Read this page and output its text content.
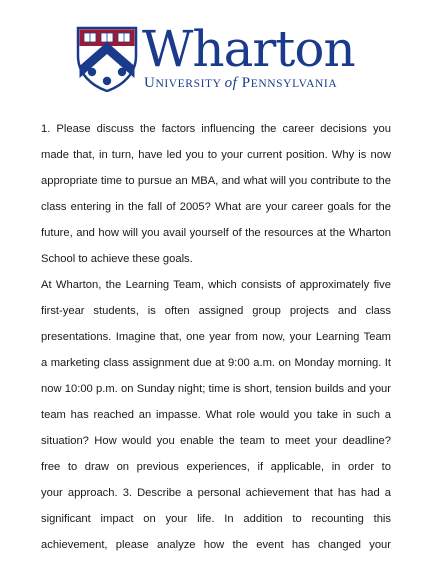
Wharton
UNIVERSITY of PENNSYLVANIA
1. Please discuss the factors influencing the career decisions you
made that, in turn, have led you to your current position. Why is now
appropriate time to pursue an MBA, and what will you contribute to the
class entering in the fall of 2005? What are your career goals for the
future, and how will you avail yourself of the resources at the Wharton
School to achieve these goals.
At Wharton, the Learning Team, which consists of approximately five
first-year students, is often assigned group projects and class
presentations. Imagine that, one year from now, your Learning Team
a marketing class assignment due at 9:00 a.m. on Monday morning. It
now 10:00 p.m. on Sunday night; time is short, tension builds and your
team has reached an impasse. What role would you take in such a
situation? How would you enable the team to meet your deadline?
free to draw on previous experiences, if applicable, in order to
your approach. 3. Describe a personal achievement that has had a
significant impact on your life. In addition to recounting this
achievement, please analyze how the event has changed your
